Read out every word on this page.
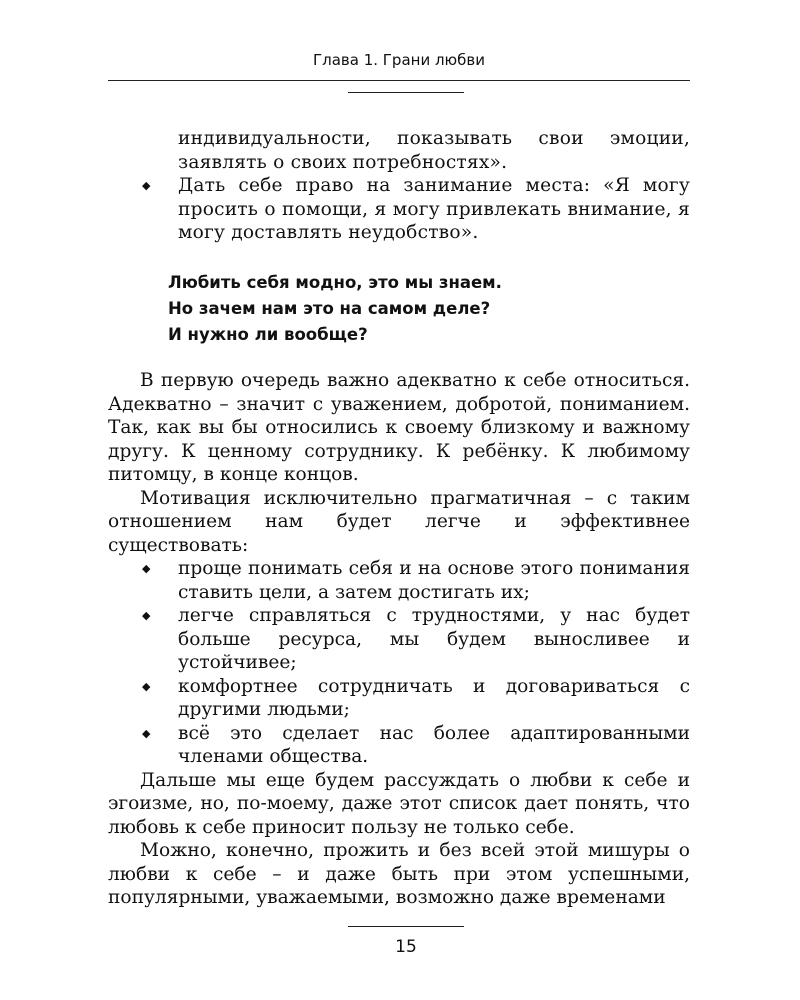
Глава 1. Грани любви

индивидуальности, показывать свои эмоции, заявлять о своих потребностях».

◆ Дать себе право на занимание места: «Я могу просить о помощи, я могу привлекать внимание, я могу доставлять неудобство».

Любить себя модно, это мы знаем.

Но зачем нам это на самом деле?

И нужно ли вообще?

В первую очередь важно адекватно к себе относиться. Адекватно – значит с уважением, добротой, пониманием. Так, как вы бы относились к своему близкому и важному другу. К ценному сотруднику. К ребёнку. К любимому питомцу, в конце концов.

Мотивация исключительно прагматичная – с таким отношением нам будет легче и эффективнее существовать:

◆ проще понимать себя и на основе этого понимания ставить цели, а затем достигать их;
◆ легче справляться с трудностями, у нас будет больше ресурса, мы будем выносливее и устойчивее;
◆ комфортнее сотрудничать и договариваться с другими людьми;
◆ всё это сделает нас более адаптированными членами общества.

Дальше мы еще будем рассуждать о любви к себе и эгоизме, но, по-моему, даже этот список дает понять, что любовь к себе приносит пользу не только себе.

Можно, конечно, прожить и без всей этой мишуры о любви к себе – и даже быть при этом успешными, популярными, уважаемыми, возможно даже временами

15
